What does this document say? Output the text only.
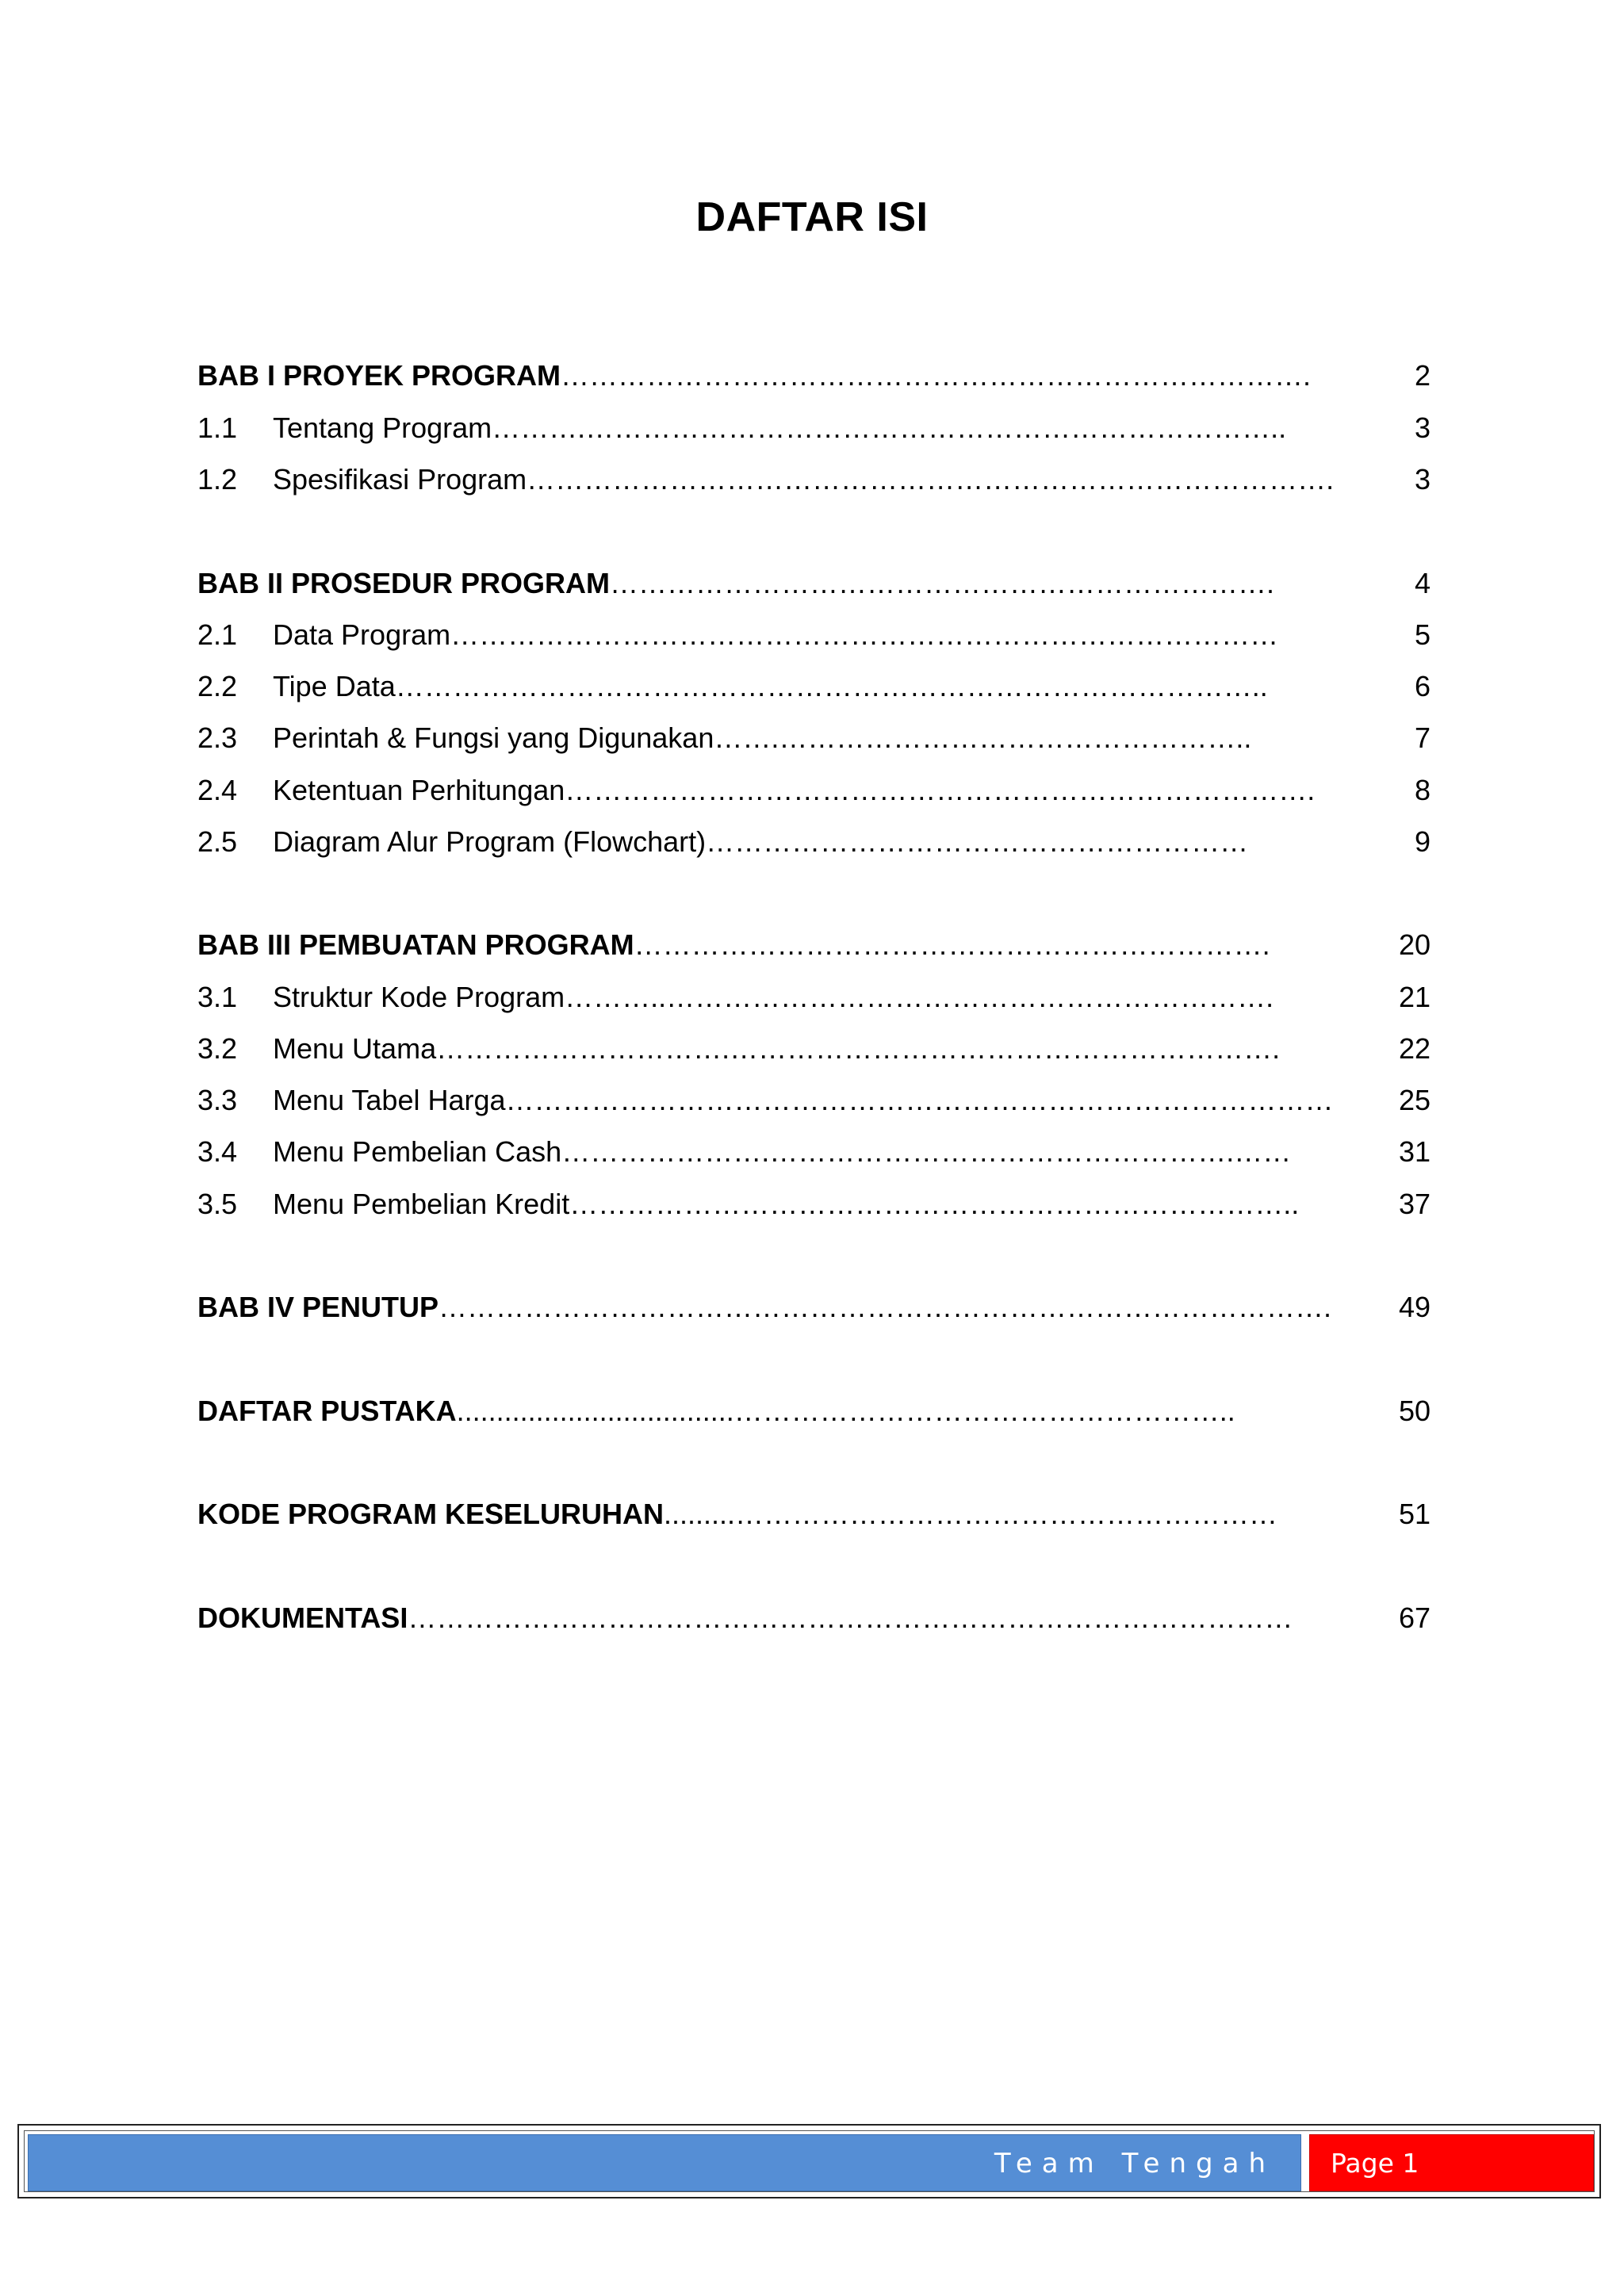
DAFTAR ISI
BAB I PROYEK PROGRAM…………………………………………………………………….	2
1.1 Tentang Program……….………………………………………………………………..	3
1.2 Spesifikasi Program………………………………………………………………………….	3
BAB II PROSEDUR PROGRAM…………………………………………………………….	4
2.1 Data Program……………………………………………………………………………	5
2.2 Tipe Data………………………………………………………………………………..	6
2.3 Perintah & Fungsi yang Digunakan…….…………………………………………..	7
2.4 Ketentuan Perhitungan…………………………………………………………………….	8
2.5 Diagram Alur Program (Flowchart)…………………………………………………	9
BAB III PEMBUATAN PROGRAM………………………………………………………….	20
3.1 Struktur Kode Program………..……………………………………………………….	21
3.2 Menu Utama………………………….………………………………………………….	22
3.3 Menu Tabel Harga…………………………………………………………………………… 25
3.4 Menu Pembelian Cash………………….………………………………………….……	31
3.5 Menu Pembelian Kredit…………………………………………………………………..	37
BAB IV PENUTUP…………………………………………………………………………………. 49
DAFTAR PUSTAKA...................................……………………………………………..	50
KODE PROGRAM KESELURUHAN.........…………………………………………………	51
DOKUMENTASI…………………………………………………………………………………	67
Team Tengah Page 1
